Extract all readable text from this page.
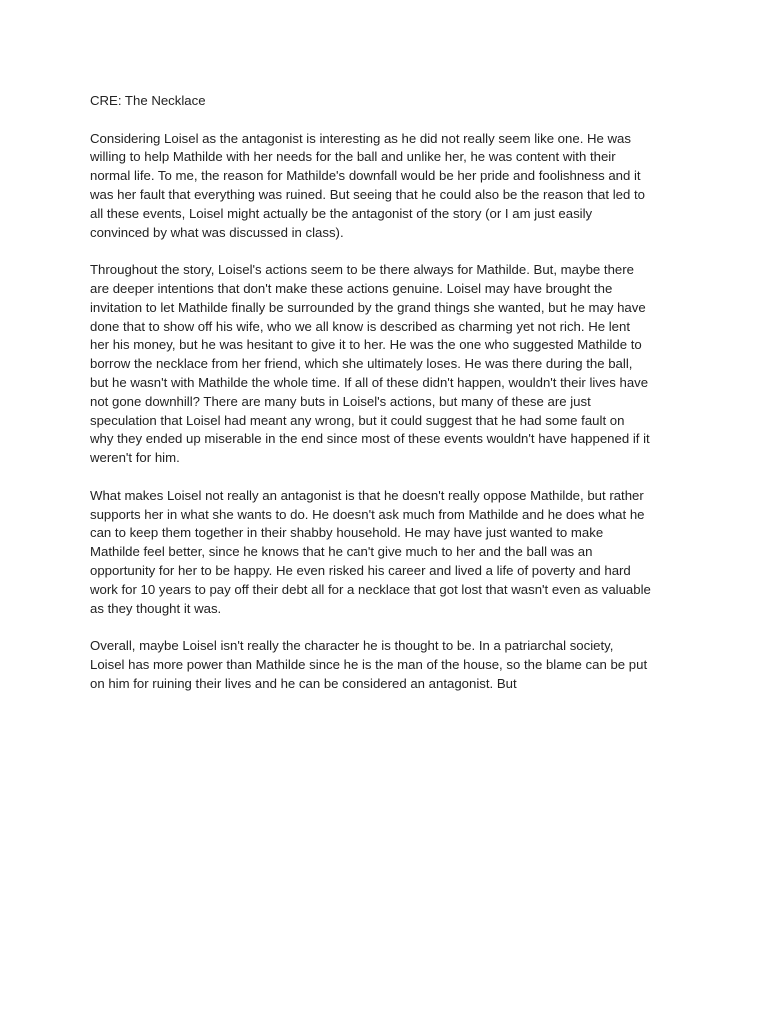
CRE: The Necklace
Considering Loisel as the antagonist is interesting as he did not really seem like one. He was
willing to help Mathilde with her needs for the ball and unlike her, he was content with their
normal life. To me, the reason for Mathilde's downfall would be her pride and foolishness and it
was her fault that everything was ruined. But seeing that he could also be the reason that led to
all these events, Loisel might actually be the antagonist of the story (or I am just easily
convinced by what was discussed in class).
Throughout the story, Loisel's actions seem to be there always for Mathilde. But, maybe there
are deeper intentions that don't make these actions genuine. Loisel may have brought the
invitation to let Mathilde finally be surrounded by the grand things she wanted, but he may have
done that to show off his wife, who we all know is described as charming yet not rich. He lent
her his money, but he was hesitant to give it to her. He was the one who suggested Mathilde to
borrow the necklace from her friend, which she ultimately loses. He was there during the ball,
but he wasn't with Mathilde the whole time. If all of these didn't happen, wouldn't their lives have
not gone downhill? There are many buts in Loisel's actions, but many of these are just
speculation that Loisel had meant any wrong, but it could suggest that he had some fault on
why they ended up miserable in the end since most of these events wouldn't have happened if it
weren't for him.
What makes Loisel not really an antagonist is that he doesn't really oppose Mathilde, but rather
supports her in what she wants to do. He doesn't ask much from Mathilde and he does what he
can to keep them together in their shabby household. He may have just wanted to make
Mathilde feel better, since he knows that he can't give much to her and the ball was an
opportunity for her to be happy. He even risked his career and lived a life of poverty and hard
work for 10 years to pay off their debt all for a necklace that got lost that wasn't even as valuable
as they thought it was.
Overall, maybe Loisel isn't really the character he is thought to be. In a patriarchal society,
Loisel has more power than Mathilde since he is the man of the house, so the blame can be put
on him for ruining their lives and he can be considered an antagonist. But
